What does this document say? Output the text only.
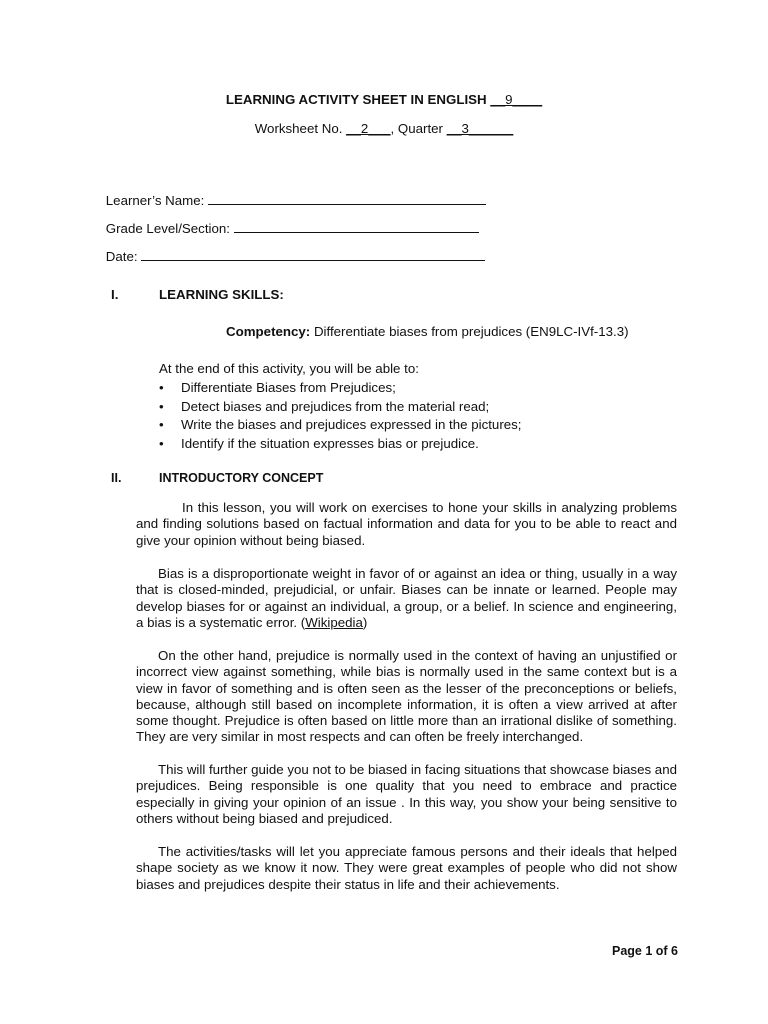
LEARNING ACTIVITY SHEET IN ENGLISH __9____
Worksheet No. __2___, Quarter __3______

Learner’s Name:

Grade Level/Section:

Date:

I.	LEARNING SKILLS:
Competency: Differentiate biases from prejudices (EN9LC-IVf-13.3)
At the end of this activity, you will be able to:
• Differentiate Biases from Prejudices;
• Detect biases and prejudices from the material read;
• Write the biases and prejudices expressed in the pictures;
• Identify if the situation expresses bias or prejudice.
II.	INTRODUCTORY CONCEPT

In this lesson, you will work on exercises to hone your skills in analyzing problems and finding solutions based on factual information and data for you to be able to react and give your opinion without being biased.

Bias is a disproportionate weight in favor of or against an idea or thing, usually in a way that is closed-minded, prejudicial, or unfair. Biases can be innate or learned. People may develop biases for or against an individual, a group, or a belief. In science and engineering, a bias is a systematic error. (Wikipedia)

On the other hand, prejudice is normally used in the context of having an unjustified or incorrect view against something, while bias is normally used in the same context but is a view in favor of something and is often seen as the lesser of the preconceptions or beliefs, because, although still based on incomplete information, it is often a view arrived at after some thought. Prejudice is often based on little more than an irrational dislike of something. They are very similar in most respects and can often be freely interchanged.

This will further guide you not to be biased in facing situations that showcase biases and prejudices. Being responsible is one quality that you need to embrace and practice especially in giving your opinion of an issue . In this way, you show your being sensitive to others without being biased and prejudiced.

The activities/tasks will let you appreciate famous persons and their ideals that helped shape society as we know it now. They were great examples of people who did not show biases and prejudices despite their status in life and their achievements.

Page 1 of 6
